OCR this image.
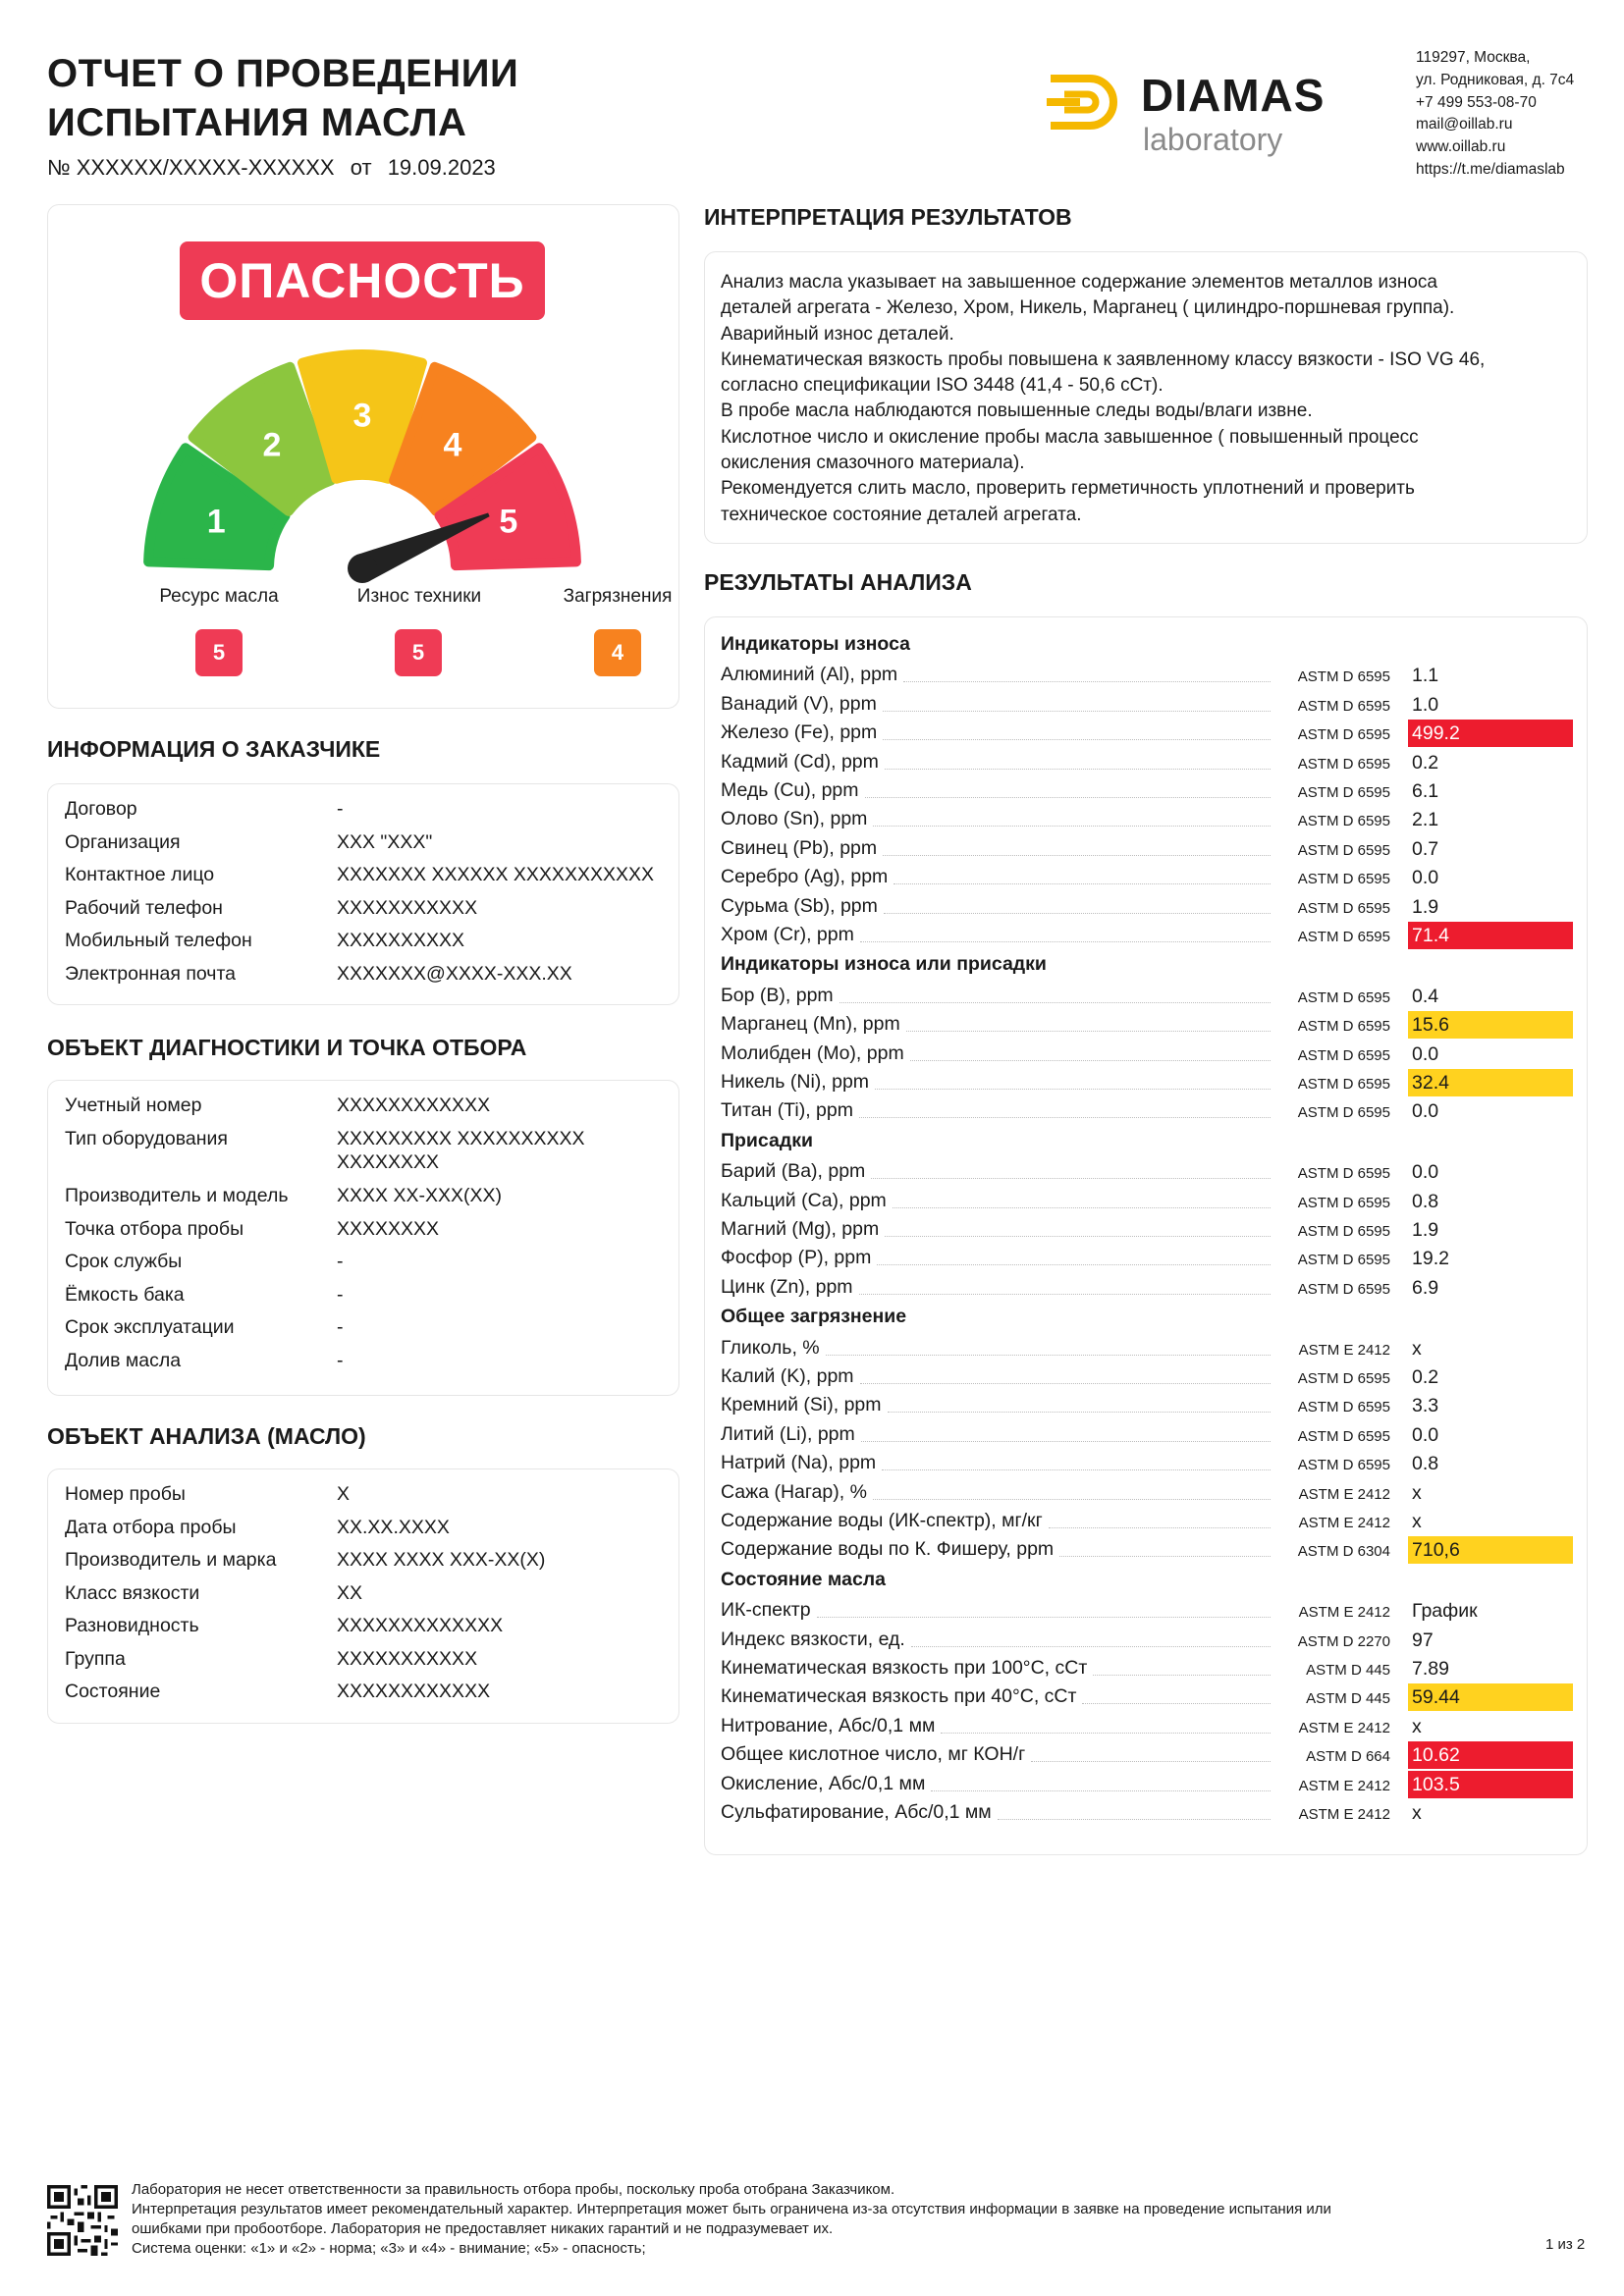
ОТЧЕТ О ПРОВЕДЕНИИ
ИСПЫТАНИЯ МАСЛА
№ XXXXXX/XXXXX-XXXXXX от 19.09.2023
DIAMAS
laboratory
119297, Москва,
ул. Родниковая, д. 7с4
+7 499 553-08-70
mail@oillab.ru
www.oillab.ru
https://t.me/diamaslab
ОПАСНОСТЬ
1
2
3
4
5
Ресурс масла	Износ техники	Загрязнения
5	5	4
ИНФОРМАЦИЯ О ЗАКАЗЧИКЕ
Договор	-
Организация	XXX "XXX"
Контактное лицо	XXXXXXX XXXXXX XXXXXXXXXXX
Рабочий телефон	XXXXXXXXXXX
Мобильный телефон	XXXXXXXXXX
Электронная почта	XXXXXXX@XXXX-XXX.XX
ОБЪЕКТ ДИАГНОСТИКИ И ТОЧКА ОТБОРА
Учетный номер	XXXXXXXXXXXX
Тип оборудования	XXXXXXXXX XXXXXXXXXX
XXXXXXXX
Производитель и модель	XXXX XX-XXX(XX)
Точка отбора пробы	XXXXXXXX
Срок службы	-
Ёмкость бака	-
Срок эксплуатации	-
Долив масла	-
ОБЪЕКТ АНАЛИЗА (МАСЛО)
Номер пробы	X
Дата отбора пробы	XX.XX.XXXX
Производитель и марка	XXXX XXXX XXX-XX(X)
Класс вязкости	XX
Разновидность	XXXXXXXXXXXXX
Группа	XXXXXXXXXXX
Состояние	XXXXXXXXXXXX
ИНТЕРПРЕТАЦИЯ РЕЗУЛЬТАТОВ
Анализ масла указывает на завышенное содержание элементов металлов износа
деталей агрегата - Железо, Хром, Никель, Марганец ( цилиндро-поршневая группа).
Аварийный износ деталей.
Кинематическая вязкость пробы повышена к заявленному классу вязкости - ISO VG 46,
согласно спецификации ISO 3448 (41,4 - 50,6 сСт).
В пробе масла наблюдаются повышенные следы воды/влаги извне.
Кислотное число и окисление пробы масла завышенное ( повышенный процесс
окисления смазочного материала).
Рекомендуется слить масло, проверить герметичность уплотнений и проверить
техническое состояние деталей агрегата.
РЕЗУЛЬТАТЫ АНАЛИЗА
Индикаторы износа
Алюминий (Al), ppm	ASTM D 6595 1.1
Ванадий (V), ppm	ASTM D 6595 1.0
Железо (Fe), ppm	ASTM D 6595 499.2
Кадмий (Cd), ppm	ASTM D 6595 0.2
Медь (Cu), ppm	ASTM D 6595 6.1
Олово (Sn), ppm	ASTM D 6595 2.1
Свинец (Pb), ppm	ASTM D 6595 0.7
Серебро (Ag), ppm	ASTM D 6595 0.0
Сурьма (Sb), ppm	ASTM D 6595 1.9
Хром (Cr), ppm	ASTM D 6595 71.4
Индикаторы износа или присадки
Бор (B), ppm	ASTM D 6595 0.4
Марганец (Mn), ppm	ASTM D 6595 15.6
Молибден (Mo), ppm	ASTM D 6595 0.0
Никель (Ni), ppm	ASTM D 6595 32.4
Титан (Ti), ppm	ASTM D 6595 0.0
Присадки
Барий (Ba), ppm	ASTM D 6595 0.0
Кальций (Ca), ppm	ASTM D 6595 0.8
Магний (Mg), ppm	ASTM D 6595 1.9
Фосфор (P), ppm	ASTM D 6595 19.2
Цинк (Zn), ppm	ASTM D 6595 6.9
Общее загрязнение
Гликоль, %	ASTM E 2412 x
Калий (K), ppm	ASTM D 6595 0.2
Кремний (Si), ppm	ASTM D 6595 3.3
Литий (Li), ppm	ASTM D 6595 0.0
Натрий (Na), ppm	ASTM D 6595 0.8
Сажа (Нагар), %	ASTM E 2412 x
Содержание воды (ИК-спектр), мг/кг	ASTM E 2412 x
Содержание воды по К. Фишеру, ppm	ASTM D 6304 710,6
Состояние масла
ИК-спектр	ASTM E 2412 График
Индекс вязкости, ед.	ASTM D 2270 97
Кинематическая вязкость при 100°С, сСт	ASTM D 445 7.89
Кинематическая вязкость при 40°С, сСт	ASTM D 445 59.44
Нитрование, Абс/0,1 мм	ASTM E 2412 x
Общее кислотное число, мг КОН/г	ASTM D 664 10.62
Окисление, Абс/0,1 мм	ASTM E 2412 103.5
Сульфатирование, Абс/0,1 мм	ASTM E 2412 x
Лаборатория не несет ответственности за правильность отбора пробы, поскольку проба отобрана Заказчиком.
Интерпретация результатов имеет рекомендательный характер. Интерпретация может быть ограничена из-за отсутствия информации в заявке на проведение испытания или
ошибками при пробоотборе. Лаборатория не предоставляет никаких гарантий и не подразумевает их.
Система оценки: «1» и «2» - норма; «3» и «4» - внимание; «5» - опасность;	1 из 2
